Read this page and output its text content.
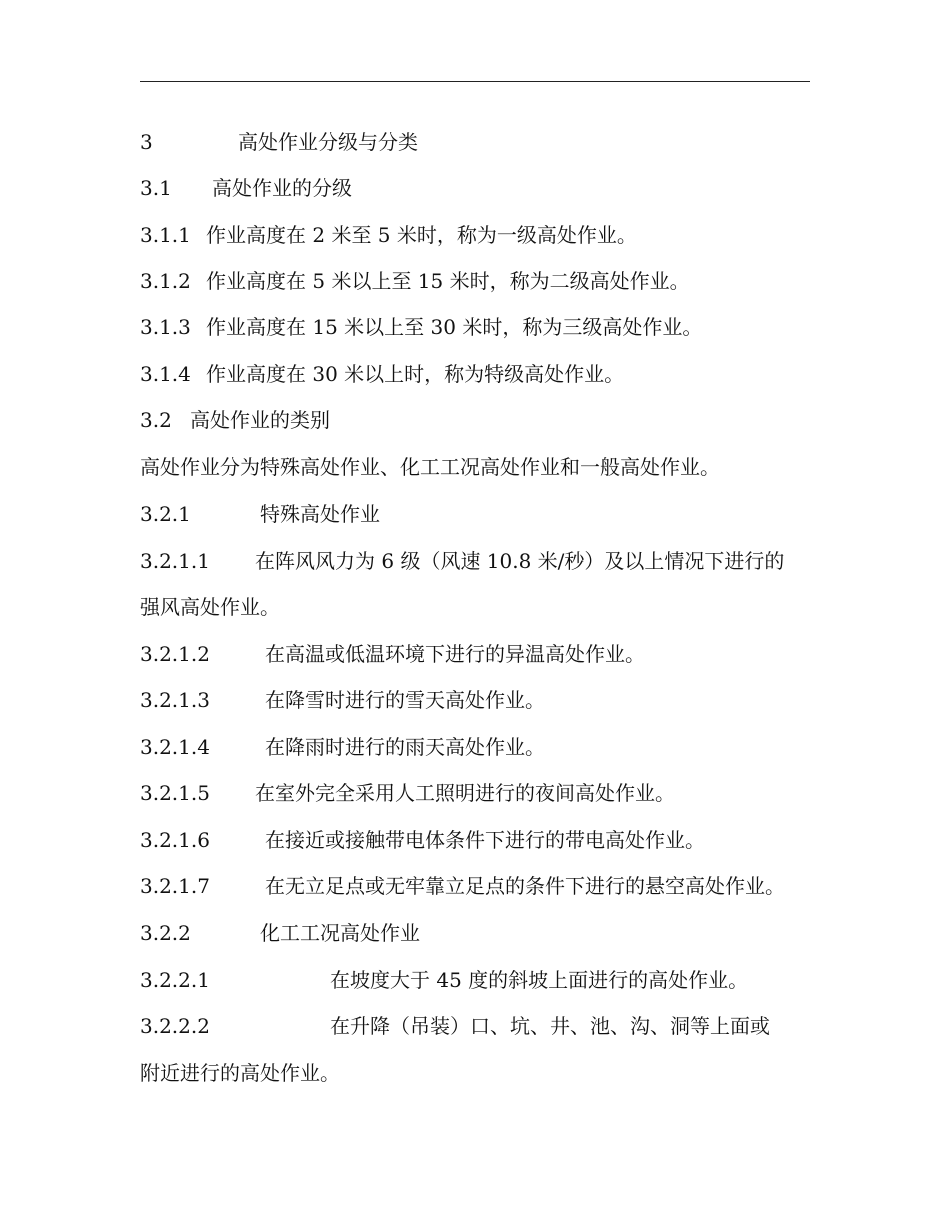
3	高处作业分级与分类
3.1 高处作业的分级
3.1.1 作业高度在 2 米至 5 米时，称为一级高处作业。
3.1.2 作业高度在 5 米以上至 15 米时，称为二级高处作业。
3.1.3 作业高度在 15 米以上至 30 米时，称为三级高处作业。
3.1.4 作业高度在 30 米以上时，称为特级高处作业。
3.2 高处作业的类别
高处作业分为特殊高处作业、化工工况高处作业和一般高处作业。
3.2.1	特殊高处作业
3.2.1.1 在阵风风力为 6 级（风速 10.8 米/秒）及以上情况下进行的
强风高处作业。
3.2.1.2	在高温或低温环境下进行的异温高处作业。
3.2.1.3	在降雪时进行的雪天高处作业。
3.2.1.4	在降雨时进行的雨天高处作业。
3.2.1.5 在室外完全采用人工照明进行的夜间高处作业。
3.2.1.6	在接近或接触带电体条件下进行的带电高处作业。
3.2.1.7	在无立足点或无牢靠立足点的条件下进行的悬空高处作业。
3.2.2	化工工况高处作业
3.2.2.1	在坡度大于 45 度的斜坡上面进行的高处作业。
3.2.2.2	在升降（吊装）口、坑、井、池、沟、洞等上面或
附近进行的高处作业。
